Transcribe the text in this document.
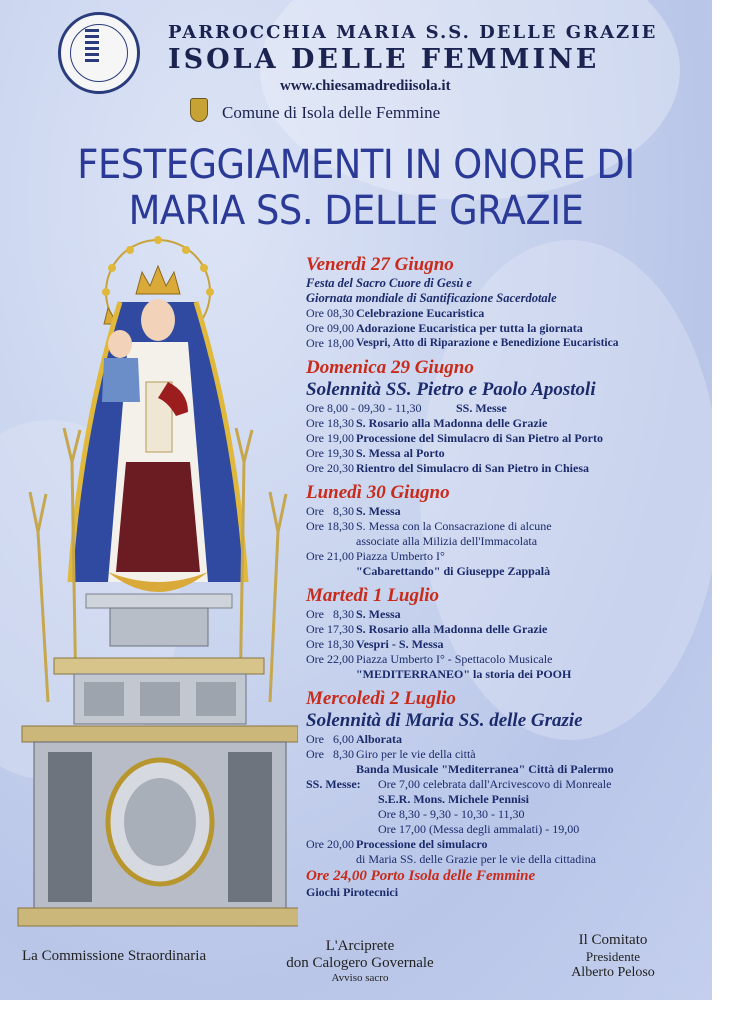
PARROCCHIA MARIA S.S. DELLE GRAZIE
ISOLA DELLE FEMMINE
www.chiesamadrediisola.it
Comune di Isola delle Femmine
FESTEGGIAMENTI IN ONORE DI
MARIA SS. DELLE GRAZIE
Venerdì 27 Giugno
Festa del Sacro Cuore di Gesù e
Giornata mondiale di Santificazione Sacerdotale
Ore 08,30 Celebrazione Eucaristica
Ore 09,00 Adorazione Eucaristica per tutta la giornata
Ore 18,00 Vespri, Atto di Riparazione e Benedizione Eucaristica
Domenica 29 Giugno
Solennità SS. Pietro e Paolo Apostoli
Ore 8,00 - 09,30 - 11,30	SS. Messe
Ore 18,30 S. Rosario alla Madonna delle Grazie
Ore 19,00 Processione del Simulacro di San Pietro al Porto
Ore 19,30 S. Messa al Porto
Ore 20,30 Rientro del Simulacro di San Pietro in Chiesa
Lunedì 30 Giugno
Ore   8,30 S. Messa
Ore 18,30 S. Messa con la Consacrazione di alcune
associate alla Milizia dell'Immacolata
Ore 21,00 Piazza Umberto I°
"Cabarettando" di Giuseppe Zappalà
Martedì 1 Luglio
Ore   8,30 S. Messa
Ore 17,30 S. Rosario alla Madonna delle Grazie
Ore 18,30 Vespri - S. Messa
Ore 22,00 Piazza Umberto I° - Spettacolo Musicale
"MEDITERRANEO" la storia dei POOH
Mercoledì 2 Luglio
Solennità di Maria SS. delle Grazie
Ore   6,00 Alborata
Ore   8,30 Giro per le vie della città
Banda Musicale "Mediterranea" Città di Palermo
SS. Messe:	Ore 7,00 celebrata dall'Arcivescovo di Monreale
S.E.R. Mons. Michele Pennisi
Ore 8,30 - 9,30 - 10,30 - 11,30
Ore 17,00 (Messa degli ammalati) - 19,00
Ore 20,00 Processione del simulacro
di Maria SS. delle Grazie per le vie della cittadina
Ore 24,00 Porto Isola delle Femmine
Giochi Pirotecnici
La Commissione Straordinaria
L'Arciprete
don Calogero Governale
Avviso sacro
Il Comitato
Presidente
Alberto Peloso
